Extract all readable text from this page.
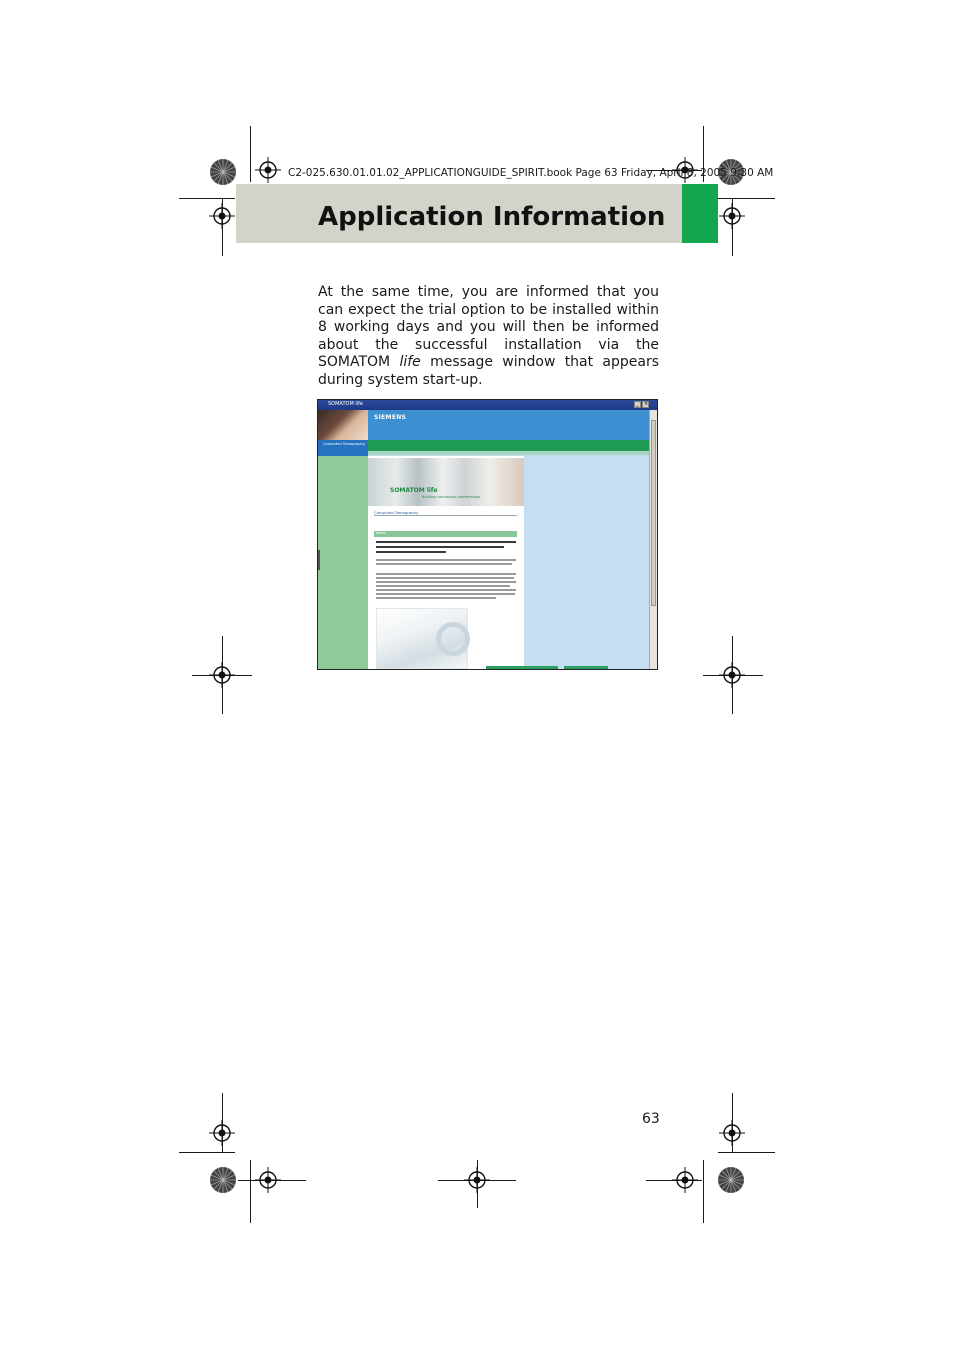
C2-025.630.01.01.02_APPLICATIONGUIDE_SPIRIT.book Page 63 Friday, April 8, 2005 9:30 AM
Application Information
At the same time, you are informed that you can expect the trial option to be installed within 8 working days and you will then be informed about the successful installation via the SOMATOM life message window that appears during system start-up.
SOMATOM life	_ ×
SIEMENS
Computed Tomography
SOMATOM life
Building successful partnerships
Computed Tomography
News
63
